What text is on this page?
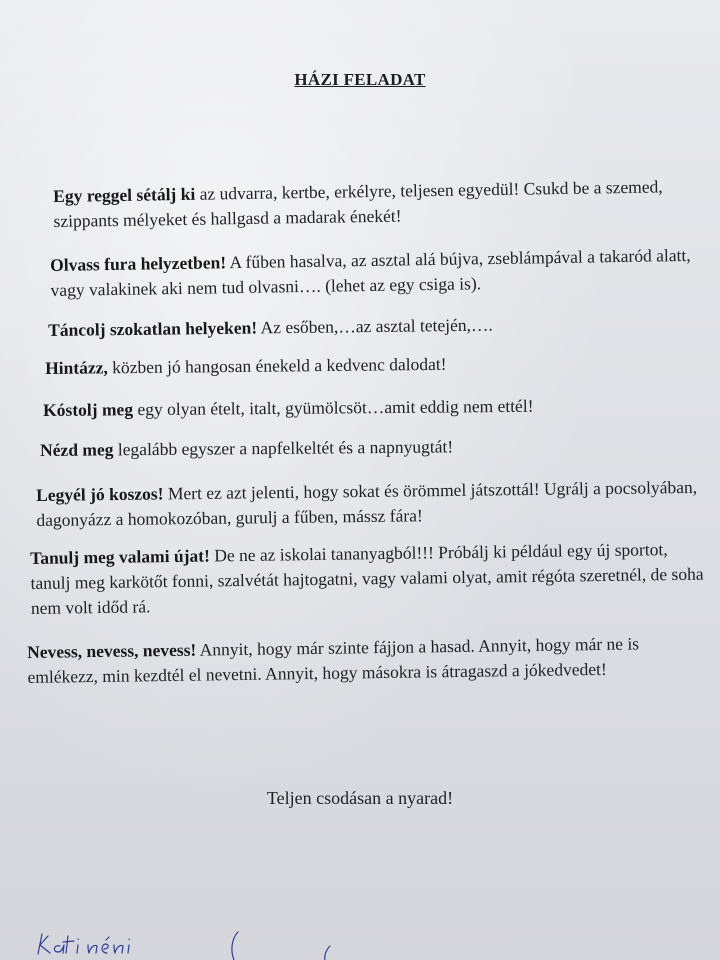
HÁZI FELADAT

Egy reggel sétálj ki az udvarra, kertbe, erkélyre, teljesen egyedül! Csukd be a szemed, szippants mélyeket és hallgasd a madarak énekét!

Olvass fura helyzetben! A fűben hasalva, az asztal alá bújva, zseblámpával a takaród alatt, vagy valakinek aki nem tud olvasni…. (lehet az egy csiga is).

Táncolj szokatlan helyeken! Az esőben,…az asztal tetején,….

Hintázz, közben jó hangosan énekeld a kedvenc dalodat!

Kóstolj meg egy olyan ételt, italt, gyümölcsöt…amit eddig nem ettél!

Nézd meg legalább egyszer a napfelkeltét és a napnyugtát!

Legyél jó koszos! Mert ez azt jelenti, hogy sokat és örömmel játszottál! Ugrálj a pocsolyában, dagonyázz a homokozóban, gurulj a fűben, mássz fára!

Tanulj meg valami újat! De ne az iskolai tananyagból!!! Próbálj ki például egy új sportot, tanulj meg karkötőt fonni, szalvétát hajtogatni, vagy valami olyat, amit régóta szeretnél, de soha nem volt időd rá.

Nevess, nevess, nevess! Annyit, hogy már szinte fájjon a hasad. Annyit, hogy már ne is emlékezz, min kezdtél el nevetni. Annyit, hogy másokra is átragaszd a jókedvedet!

Teljen csodásan a nyarad!
